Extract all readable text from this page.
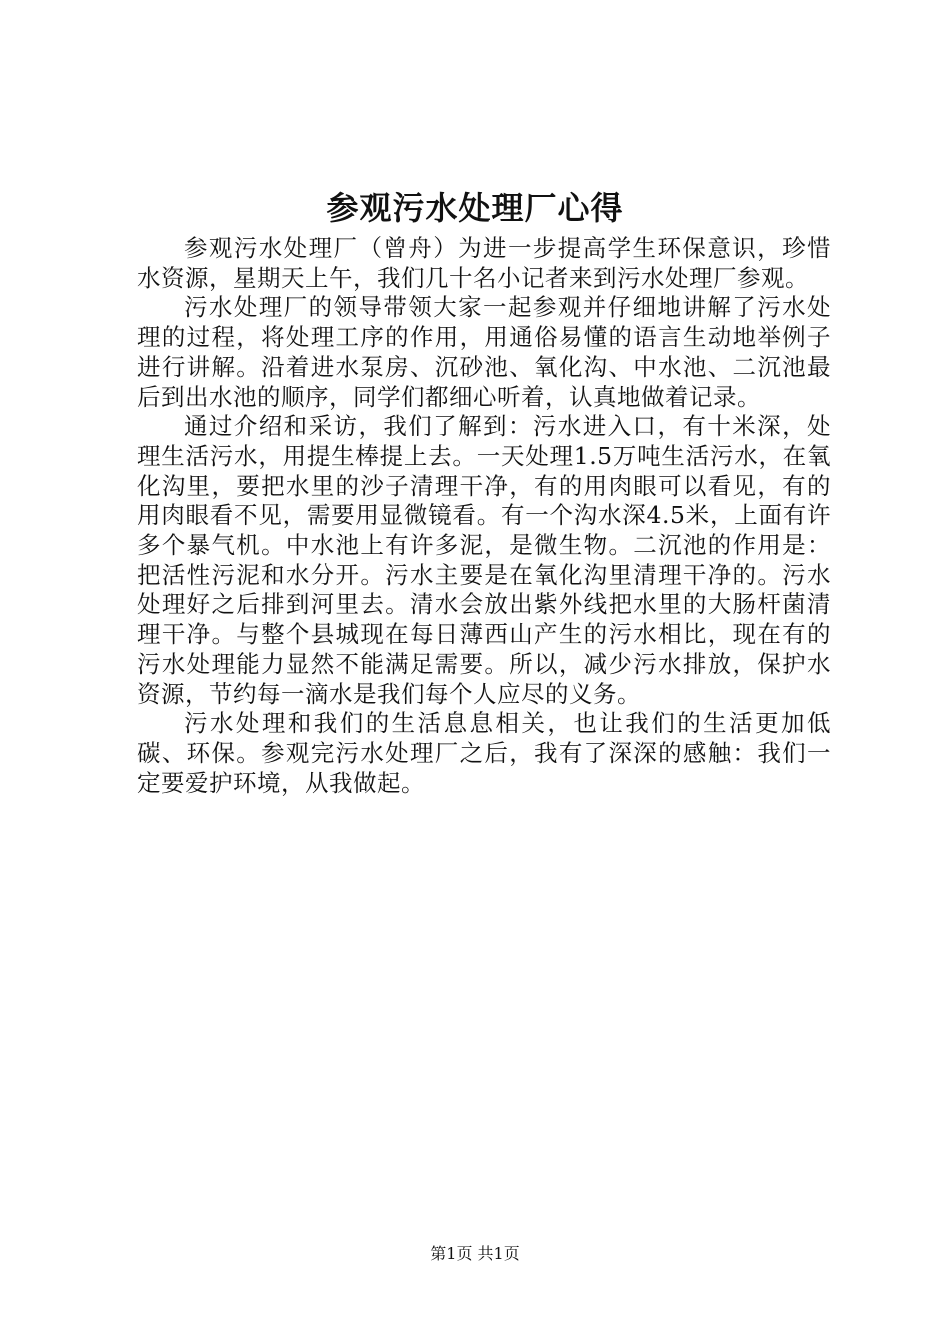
参观污水处理厂心得

参观污水处理厂（曾舟）为进一步提高学生环保意识，珍惜水资源，星期天上午，我们几十名小记者来到污水处理厂参观。

污水处理厂的领导带领大家一起参观并仔细地讲解了污水处理的过程，将处理工序的作用，用通俗易懂的语言生动地举例子进行讲解。沿着进水泵房、沉砂池、氧化沟、中水池、二沉池最后到出水池的顺序，同学们都细心听着，认真地做着记录。

通过介绍和采访，我们了解到：污水进入口，有十米深，处理生活污水，用提生棒提上去。一天处理1.5万吨生活污水，在氧化沟里，要把水里的沙子清理干净，有的用肉眼可以看见，有的用肉眼看不见，需要用显微镜看。有一个沟水深4.5米，上面有许多个暴气机。中水池上有许多泥，是微生物。二沉池的作用是：把活性污泥和水分开。污水主要是在氧化沟里清理干净的。污水处理好之后排到河里去。清水会放出紫外线把水里的大肠杆菌清理干净。与整个县城现在每日薄西山产生的污水相比，现在有的污水处理能力显然不能满足需要。所以，减少污水排放，保护水资源，节约每一滴水是我们每个人应尽的义务。

污水处理和我们的生活息息相关，也让我们的生活更加低碳、环保。参观完污水处理厂之后，我有了深深的感触：我们一定要爱护环境，从我做起。

第1页 共1页
